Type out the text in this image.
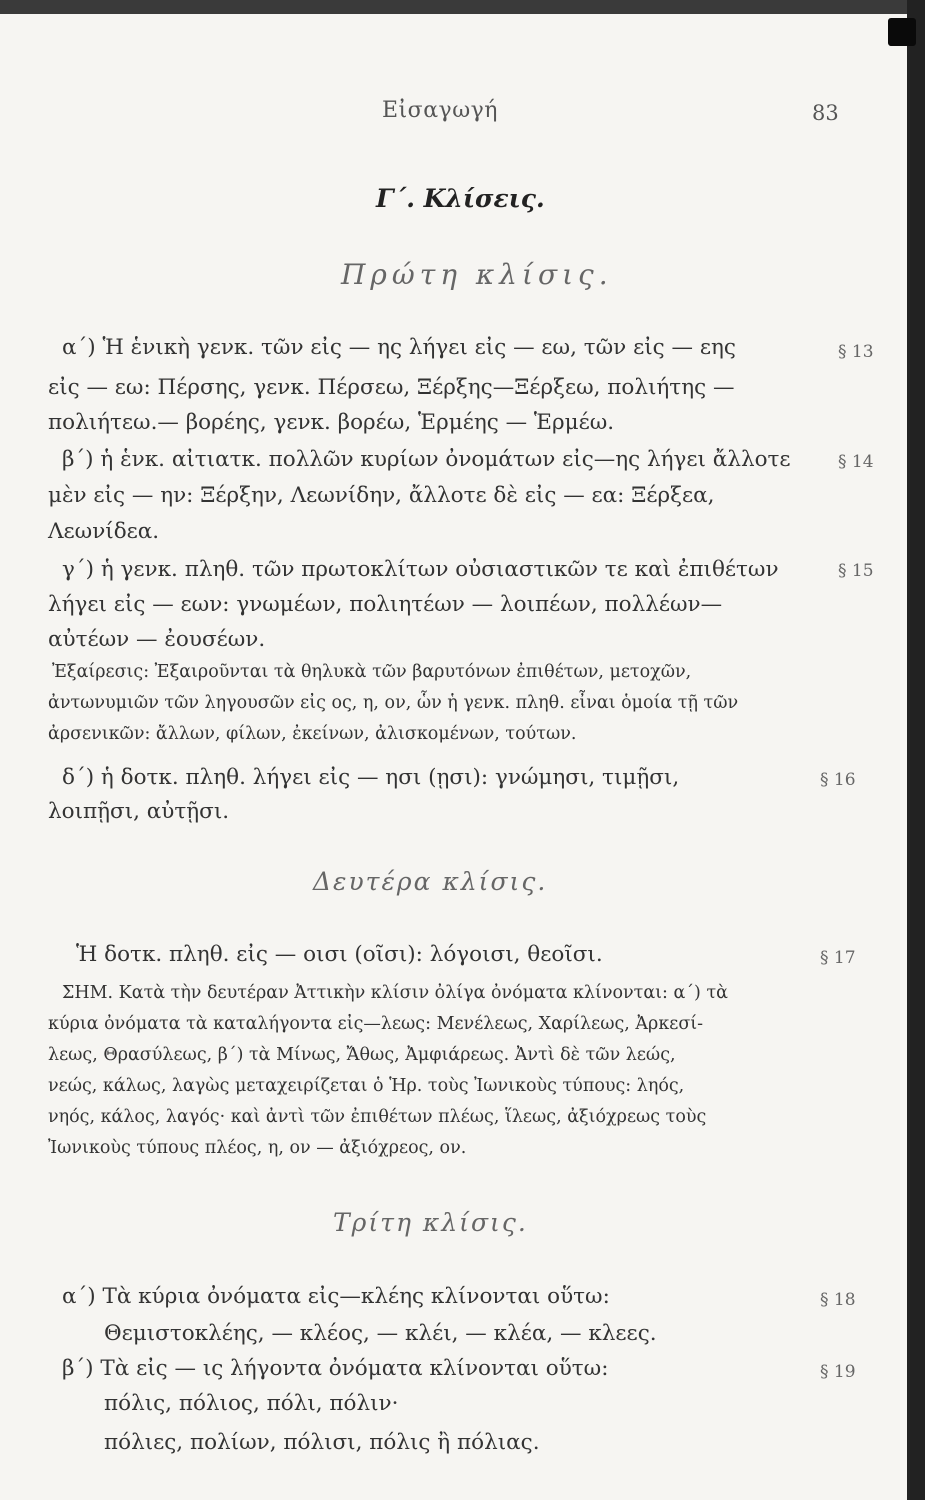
Εἰσαγωγή	83
Γ΄. Κλίσεις.
Πρώτη κλίσις.
α΄) Ἡ ἑνικὴ γενκ. τῶν εἰς — ης λήγει εἰς — εω, τῶν εἰς — εης	§ 13
εἰς — εω: Πέρσης, γενκ. Πέρσεω, Ξέρξης—Ξέρξεω, πολιήτης —
πολιήτεω.— βορέης, γενκ. βορέω, Ἑρμέης — Ἑρμέω.
β΄) ἡ ἑνκ. αἰτιατκ. πολλῶν κυρίων ὀνομάτων εἰς—ης λήγει ἄλλοτε	§ 14
μὲν εἰς — ην: Ξέρξην, Λεωνίδην, ἄλλοτε δὲ εἰς — εα: Ξέρξεα,
Λεωνίδεα.
γ΄) ἡ γενκ. πληθ. τῶν πρωτοκλίτων οὐσιαστικῶν τε καὶ ἐπιθέτων	§ 15
λήγει εἰς — εων: γνωμέων, πολιητέων — λοιπέων, πολλέων—
αὐτέων — ἐουσέων.
Ἐξαίρεσις: Ἐξαιροῦνται τὰ θηλυκὰ τῶν βαρυτόνων ἐπιθέτων, μετοχῶν,
ἀντωνυμιῶν τῶν ληγουσῶν εἰς ος, η, ον, ὧν ἡ γενκ. πληθ. εἶναι ὁμοία τῇ τῶν
ἀρσενικῶν: ἄλλων, φίλων, ἐκείνων, ἀλισκομένων, τούτων.
δ΄) ἡ δοτκ. πληθ. λήγει εἰς — ησι (ῃσι): γνώμησι, τιμῇσι,	§ 16
λοιπῇσι, αὐτῇσι.
Δευτέρα κλίσις.
Ἡ δοτκ. πληθ. εἰς — οισι (οῖσι): λόγοισι, θεοῖσι.	§ 17
ΣΗΜ. Κατὰ τὴν δευτέραν Ἀττικὴν κλίσιν ὀλίγα ὀνόματα κλίνονται: α΄) τὰ
κύρια ὀνόματα τὰ καταλήγοντα εἰς—λεως: Μενέλεως, Χαρίλεως, Ἀρκεσί-
λεως, Θρασύλεως, β΄) τὰ Μίνως, Ἄθως, Ἀμφιάρεως. Ἀντὶ δὲ τῶν λεώς,
νεώς, κάλως, λαγὼς μεταχειρίζεται ὁ Ἡρ. τοὺς Ἰωνικοὺς τύπους: ληός,
νηός, κάλος, λαγός· καὶ ἀντὶ τῶν ἐπιθέτων πλέως, ἵλεως, ἀξιόχρεως τοὺς
Ἰωνικοὺς τύπους πλέος, η, ον — ἀξιόχρεος, ον.
Τρίτη κλίσις.
α΄) Τὰ κύρια ὀνόματα εἰς—κλέης κλίνονται οὕτω:	§ 18
Θεμιστοκλέης, — κλέος, — κλέι, — κλέα, — κλεες.
β΄) Τὰ εἰς — ις λήγοντα ὀνόματα κλίνονται οὕτω:	§ 19
πόλις, πόλιος, πόλι, πόλιν·
πόλιες, πολίων, πόλισι, πόλις ἢ πόλιας.
